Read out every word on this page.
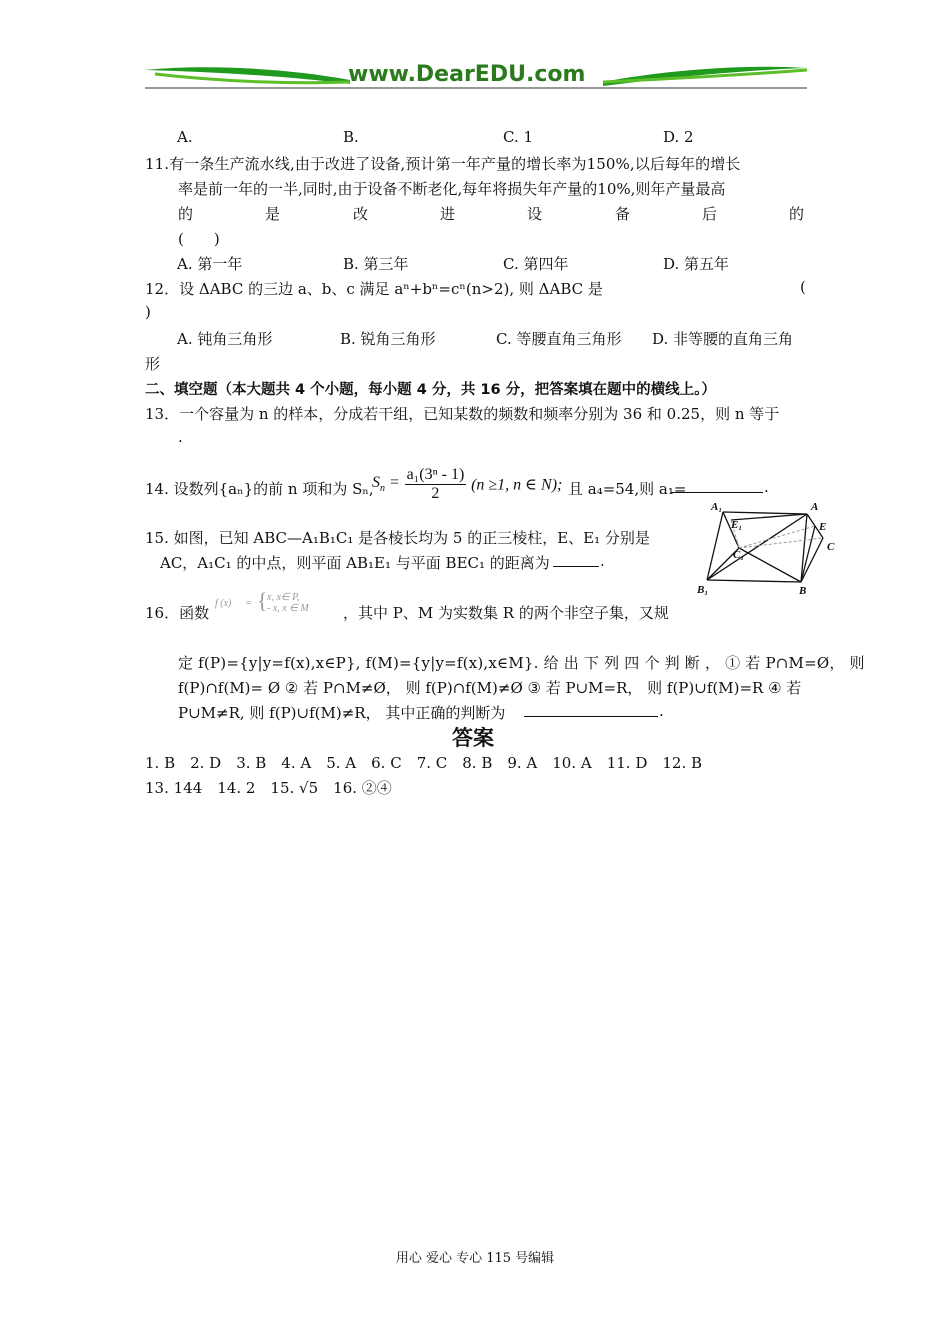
www.DearEDU.com
A.	B.	C. 1	D. 2
11.有一条生产流水线,由于改进了设备,预计第一年产量的增长率为150%,以后每年的增长
率是前一年的一半,同时,由于设备不断老化,每年将损失年产量的10%,则年产量最高
的	是	改	进	设	备	后	的
(　　)
A. 第一年	B. 第三年	C. 第四年	D. 第五年
12．设 ΔABC 的三边 a、b、c 满足 aⁿ+bⁿ=cⁿ(n>2), 则 ΔABC 是	(
)
A. 钝角三角形	B. 锐角三角形	C. 等腰直角三角形 D. 非等腰的直角三角
形
二、填空题（本大题共 4 个小题，每小题 4 分，共 16 分，把答案填在题中的横线上。）
13．一个容量为 n 的样本，分成若干组，已知某数的频数和频率分别为 36 和 0.25，则 n 等于
.
14. 设数列{aₙ}的前 n 项和为 Sₙ,
$S_n = \frac{\text{a₁(3ⁿ - 1)}}{2} (n \ge 1$, n ∈ N); 且 a₄=54,则 a₁=	.
15. 如图，已知 ABC—A₁B₁C₁ 是各棱长均为 5 的正三棱柱，E、E₁ 分别是
AC，A₁C₁ 的中点，则平面 AB₁E₁ 与平面 BEC₁ 的距离为	.
A₁
E₁
C₁
B₁
A
E
C
B
16．函数
f (x) = { x, x∈ P,
- x, x ∈ M ，其中 P、M 为实数集 R 的两个非空子集，又规
定 f(P)={y|y=f(x),x∈P}, f(M)={y|y=f(x),x∈M}. 给 出 下 列 四 个 判 断 ， ① 若 P∩M=Ø， 则
f(P)∩f(M)= Ø ② 若 P∩M≠Ø， 则 f(P)∩f(M)≠Ø ③ 若 P∪M=R， 则 f(P)∪f(M)=R ④ 若
P∪M≠R, 则 f(P)∪f(M)≠R， 其中正确的判断为	.
答案
1. B　2. D　3. B　4. A　5. A　6. C　7. C　8. B　9. A　10. A　11. D　12. B
13. 144　14. 2　15. √5　16. ②④
用心 爱心 专心 115 号编辑
